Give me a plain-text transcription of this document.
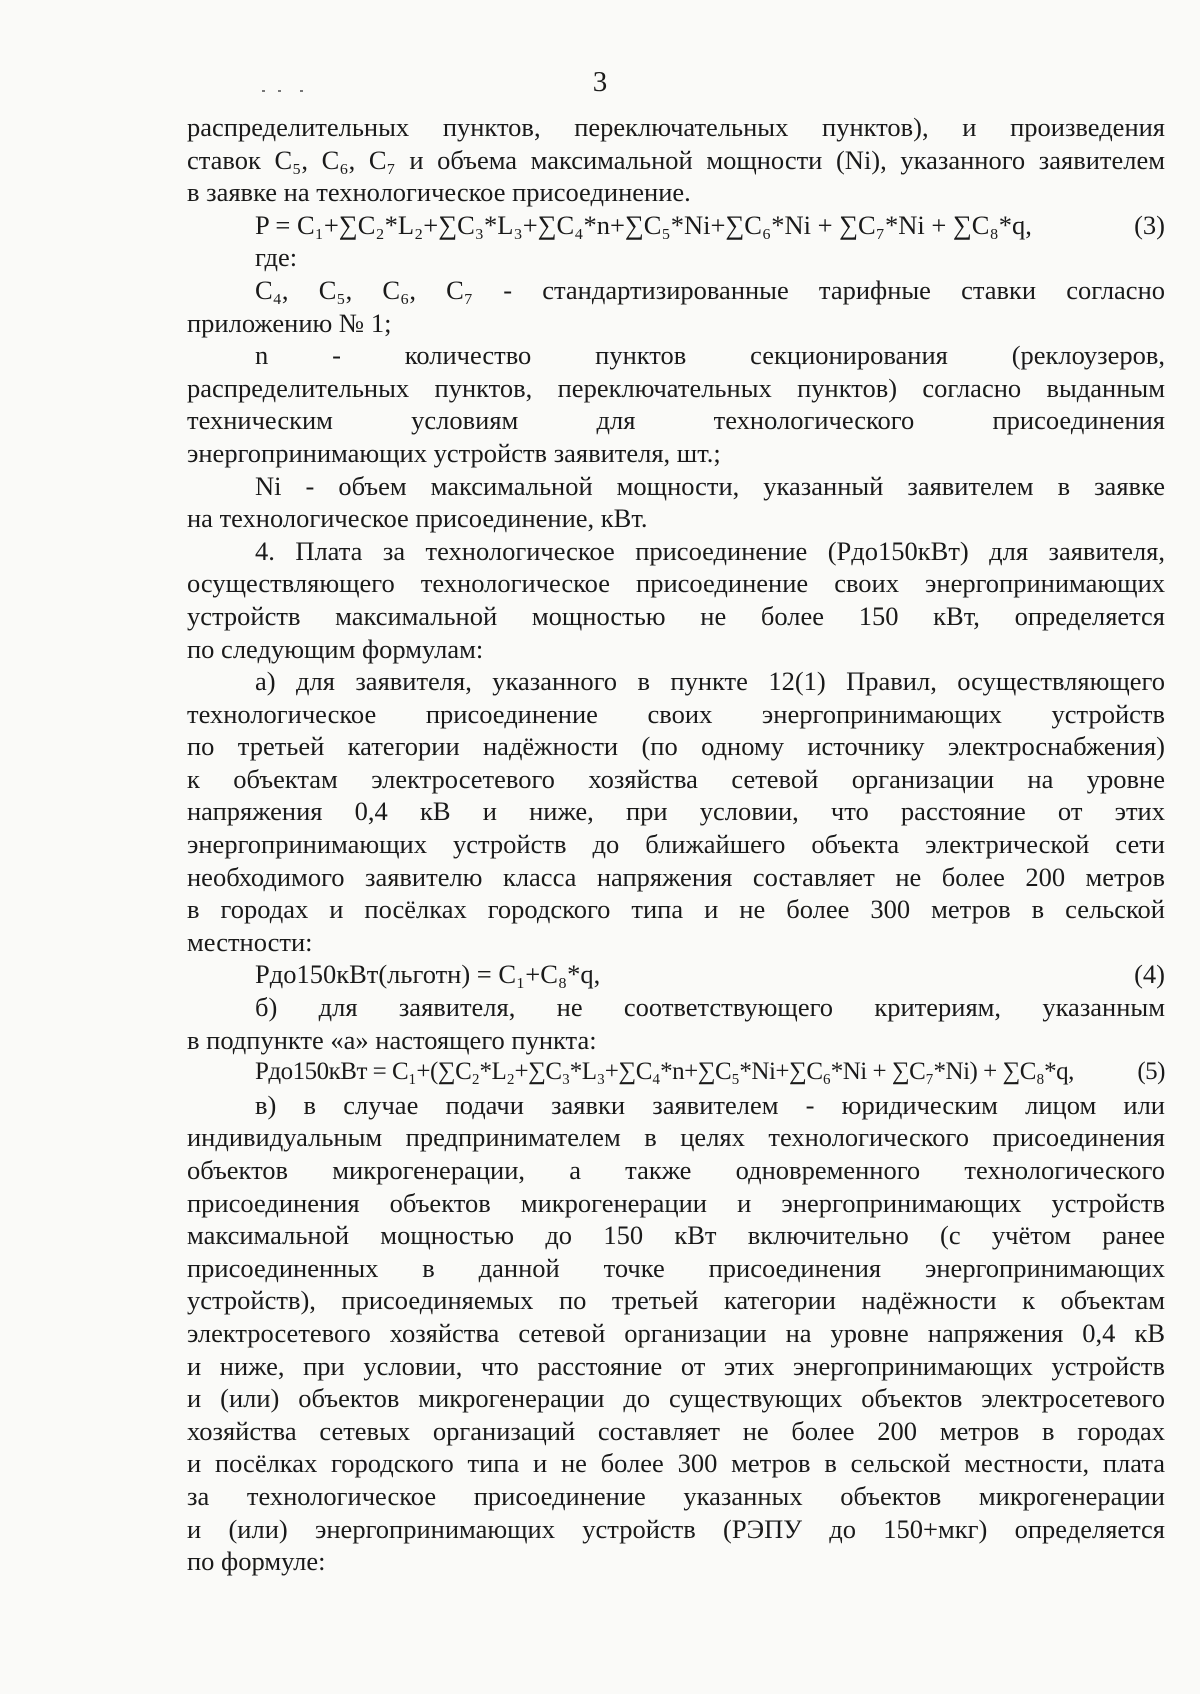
3
распределительных пунктов, переключательных пунктов), и произведения
ставок C₅, C₆, C₇ и объема максимальной мощности (Ni), указанного заявителем
в заявке на технологическое присоединение.
P = C₁+∑C₂*L₂+∑C₃*L₃+∑C₄*n+∑C₅*Ni+∑C₆*Ni + ∑C₇*Ni + ∑C₈*q,	(3)
где:
C₄, C₅, C₆, C₇ - стандартизированные тарифные ставки согласно
приложению № 1;
n - количество пунктов секционирования (реклоузеров,
распределительных пунктов, переключательных пунктов) согласно выданным
техническим условиям для технологического присоединения
энергопринимающих устройств заявителя, шт.;
Ni - объем максимальной мощности, указанный заявителем в заявке
на технологическое присоединение, кВт.
4. Плата за технологическое присоединение (Pдо150кВт) для заявителя,
осуществляющего технологическое присоединение своих энергопринимающих
устройств максимальной мощностью не более 150 кВт, определяется
по следующим формулам:
а) для заявителя, указанного в пункте 12(1) Правил, осуществляющего
технологическое присоединение своих энергопринимающих устройств
по третьей категории надёжности (по одному источнику электроснабжения)
к объектам электросетевого хозяйства сетевой организации на уровне
напряжения 0,4 кВ и ниже, при условии, что расстояние от этих
энергопринимающих устройств до ближайшего объекта электрической сети
необходимого заявителю класса напряжения составляет не более 200 метров
в городах и посёлках городского типа и не более 300 метров в сельской
местности:
Pдо150кВт(льготн) = C₁+C₈*q,	(4)
б) для заявителя, не соответствующего критериям, указанным
в подпункте «а» настоящего пункта:
Pдо150кВт = C₁+(∑C₂*L₂+∑C₃*L₃+∑C₄*n+∑C₅*Ni+∑C₆*Ni + ∑C₇*Ni) + ∑C₈*q,	(5)
в) в случае подачи заявки заявителем - юридическим лицом или
индивидуальным предпринимателем в целях технологического присоединения
объектов микрогенерации, а также одновременного технологического
присоединения объектов микрогенерации и энергопринимающих устройств
максимальной мощностью до 150 кВт включительно (с учётом ранее
присоединенных в данной точке присоединения энергопринимающих
устройств), присоединяемых по третьей категории надёжности к объектам
электросетевого хозяйства сетевой организации на уровне напряжения 0,4 кВ
и ниже, при условии, что расстояние от этих энергопринимающих устройств
и (или) объектов микрогенерации до существующих объектов электросетевого
хозяйства сетевых организаций составляет не более 200 метров в городах
и посёлках городского типа и не более 300 метров в сельской местности, плата
за технологическое присоединение указанных объектов микрогенерации
и (или) энергопринимающих устройств (РЭПУ до 150+мкг) определяется
по формуле:
